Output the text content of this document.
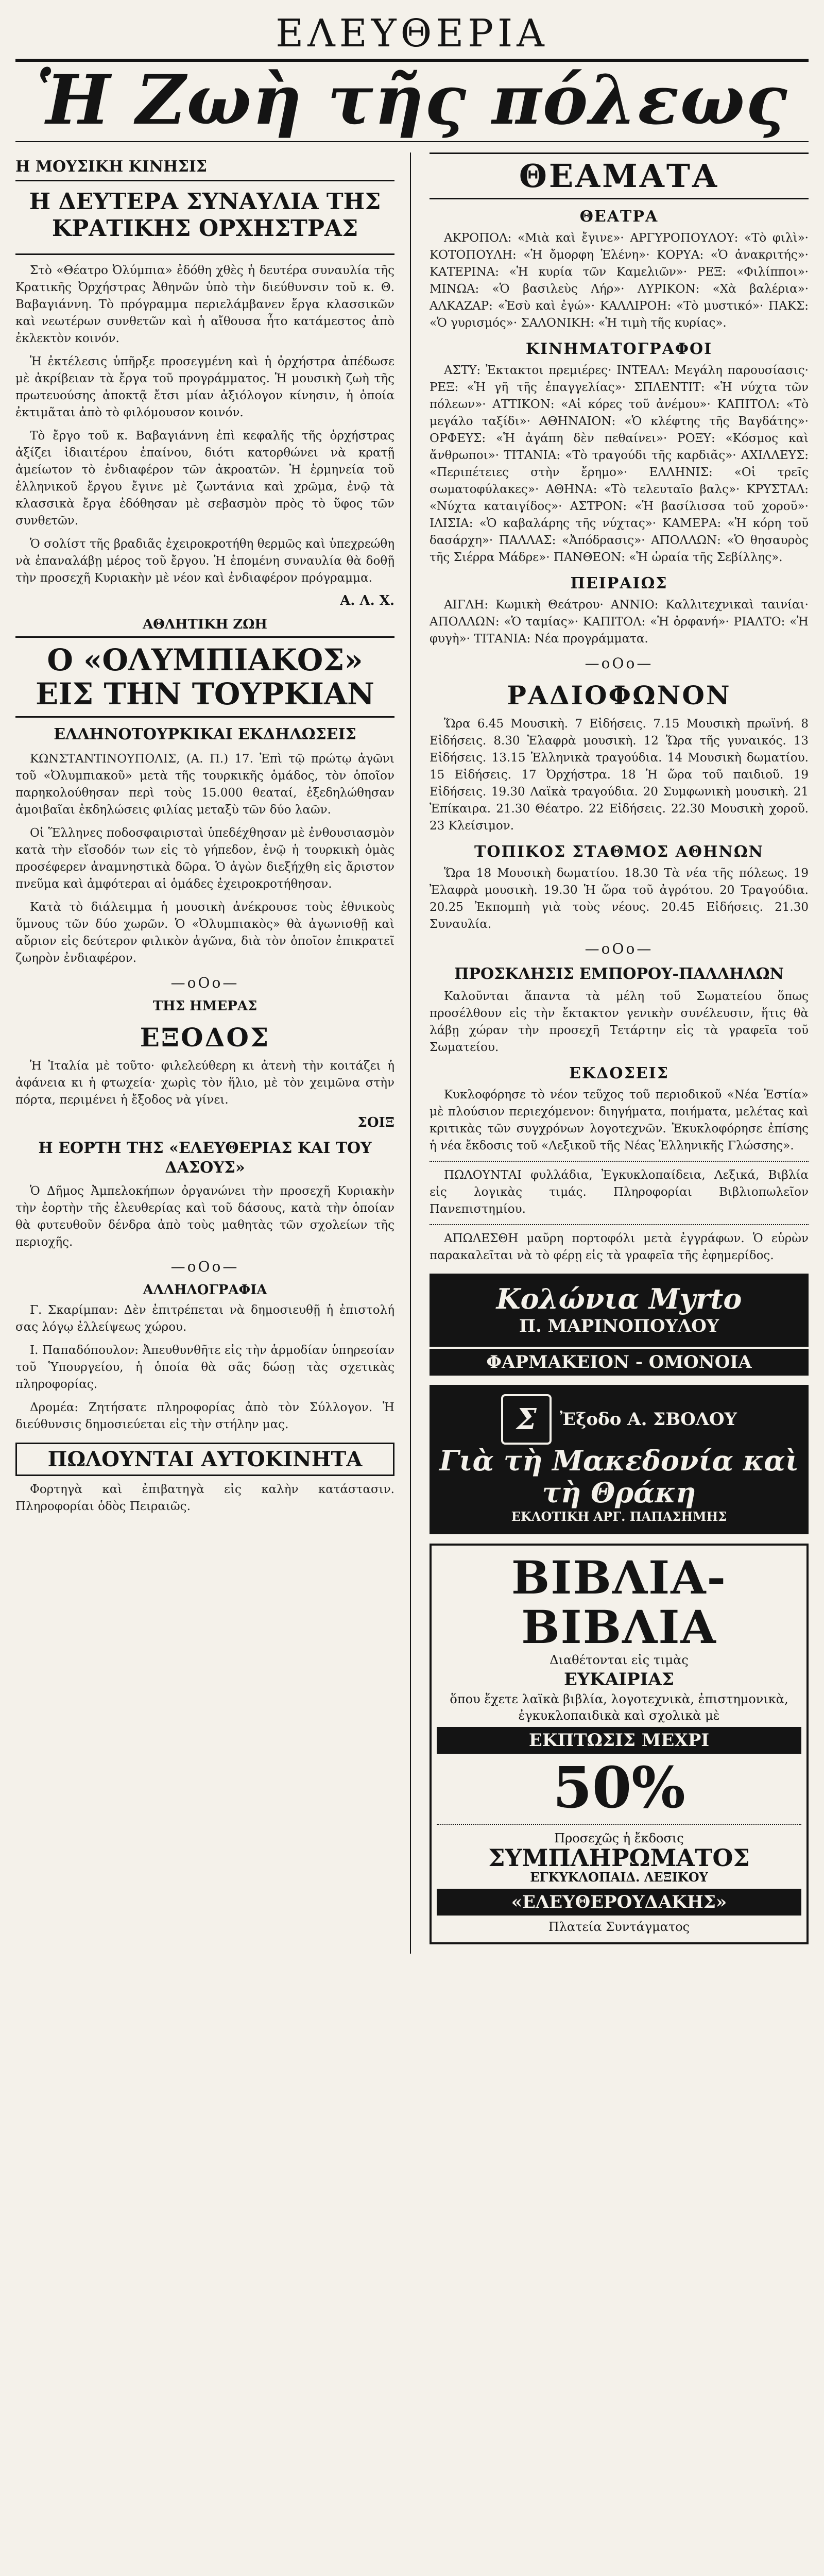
ΕΛΕΥΘΕΡΙΑ
Ἡ Ζωὴ τῆς πόλεως
Η ΜΟΥΣΙΚΗ ΚΙΝΗΣΙΣ
Η ΔΕΥΤΕΡΑ ΣΥΝΑΥΛΙΑ ΤΗΣ ΚΡΑΤΙΚΗΣ ΟΡΧΗΣΤΡΑΣ

Στὸ «Θέατρο Ὀλύμπια» ἐδόθη χθὲς ἡ δευτέρα συναυλία τῆς Κρατικῆς Ὀρχήστρας Ἀθηνῶν ὑπὸ τὴν διεύθυνσιν τοῦ κ. Θ. Βαβαγιάννη. Τὸ πρόγραμμα περιελάμβανεν ἔργα κλασσικῶν καὶ νεωτέρων συνθετῶν καὶ ἡ αἴθουσα ἦτο κατάμεστος ἀπὸ ἐκλεκτὸν κοινόν.

Ἡ ἐκτέλεσις ὑπῆρξε προσεγμένη καὶ ἡ ὀρχήστρα ἀπέδωσε μὲ ἀκρίβειαν τὰ ἔργα τοῦ προγράμματος. Ἡ μουσικὴ ζωὴ τῆς πρωτευούσης ἀποκτᾷ ἔτσι μίαν ἀξιόλογον κίνησιν, ἡ ὁποία ἐκτιμᾶται ἀπὸ τὸ φιλόμουσον κοινόν.

Τὸ ἔργο τοῦ κ. Βαβαγιάννη ἐπὶ κεφαλῆς τῆς ὀρχήστρας ἀξίζει ἰδιαιτέρου ἐπαίνου, διότι κατορθώνει νὰ κρατῇ ἀμείωτον τὸ ἐνδιαφέρον τῶν ἀκροατῶν. Ἡ ἑρμηνεία τοῦ ἑλληνικοῦ ἔργου ἔγινε μὲ ζωντάνια καὶ χρῶμα, ἐνῷ τὰ κλασσικὰ ἔργα ἐδόθησαν μὲ σεβασμὸν πρὸς τὸ ὕφος τῶν συνθετῶν.

Ὁ σολίστ τῆς βραδιᾶς ἐχειροκροτήθη θερμῶς καὶ ὑπεχρεώθη νὰ ἐπαναλάβῃ μέρος τοῦ ἔργου. Ἡ ἑπομένη συναυλία θὰ δοθῇ τὴν προσεχῆ Κυριακὴν μὲ νέον καὶ ἐνδιαφέρον πρόγραμμα.

Α. Λ. Χ.
ΑΘΛΗΤΙΚΗ ΖΩΗ
Ο «ΟΛΥΜΠΙΑΚΟΣ» ΕΙΣ ΤΗΝ ΤΟΥΡΚΙΑΝ
ΕΛΛΗΝΟΤΟΥΡΚΙΚΑΙ ΕΚΔΗΛΩΣΕΙΣ

ΚΩΝΣΤΑΝΤΙΝΟΥΠΟΛΙΣ, (Α. Π.) 17. Ἐπὶ τῷ πρώτῳ ἀγῶνι τοῦ «Ὀλυμπιακοῦ» μετὰ τῆς τουρκικῆς ὁμάδος, τὸν ὁποῖον παρηκολούθησαν περὶ τοὺς 15.000 θεαταί, ἐξεδηλώθησαν ἀμοιβαῖαι ἐκδηλώσεις φιλίας μεταξὺ τῶν δύο λαῶν.

Οἱ Ἕλληνες ποδοσφαιρισταὶ ὑπεδέχθησαν μὲ ἐνθουσιασμὸν κατὰ τὴν εἴσοδόν των εἰς τὸ γήπεδον, ἐνῷ ἡ τουρκικὴ ὁμὰς προσέφερεν ἀναμνηστικὰ δῶρα. Ὁ ἀγὼν διεξήχθη εἰς ἄριστον πνεῦμα καὶ ἀμφότεραι αἱ ὁμάδες ἐχειροκροτήθησαν.

Κατὰ τὸ διάλειμμα ἡ μουσικὴ ἀνέκρουσε τοὺς ἐθνικοὺς ὕμνους τῶν δύο χωρῶν. Ὁ «Ὀλυμπιακὸς» θὰ ἀγωνισθῇ καὶ αὔριον εἰς δεύτερον φιλικὸν ἀγῶνα, διὰ τὸν ὁποῖον ἐπικρατεῖ ζωηρὸν ἐνδιαφέρον.

—oOo—
ΤΗΣ ΗΜΕΡΑΣ
ΕΞΟΔΟΣ

Ἡ Ἰταλία μὲ τοῦτο· φιλελεύθερη κι ἀτενὴ τὴν κοιτάζει ἡ ἀφάνεια κι ἡ φτωχεία· χωρὶς τὸν ἥλιο, μὲ τὸν χειμῶνα στὴν πόρτα, περιμένει ἡ ἔξοδος νὰ γίνει.

ΣΟΙΞ
Η ΕΟΡΤΗ ΤΗΣ «ΕΛΕΥΘΕΡΙΑΣ ΚΑΙ ΤΟΥ ΔΑΣΟΥΣ»

Ὁ Δῆμος Ἀμπελοκήπων ὀργανώνει τὴν προσεχῆ Κυριακὴν τὴν ἐορτὴν τῆς ἐλευθερίας καὶ τοῦ δάσους, κατὰ τὴν ὁποίαν θὰ φυτευθοῦν δένδρα ἀπὸ τοὺς μαθητὰς τῶν σχολείων τῆς περιοχῆς.

—oOo—
ΑΛΛΗΛΟΓΡΑΦΙΑ

Γ. Σκαρίμπαν: Δὲν ἐπιτρέπεται νὰ δημοσιευθῇ ἡ ἐπιστολή σας λόγῳ ἐλλείψεως χώρου.

Ι. Παπαδόπουλον: Ἀπευθυνθῆτε εἰς τὴν ἁρμοδίαν ὑπηρεσίαν τοῦ Ὑπουργείου, ἡ ὁποία θὰ σᾶς δώσῃ τὰς σχετικὰς πληροφορίας.

Δρομέα: Ζητήσατε πληροφορίας ἀπὸ τὸν Σύλλογον. Ἡ διεύθυνσις δημοσιεύεται εἰς τὴν στήλην μας.

ΠΩΛΟΥΝΤΑΙ ΑΥΤΟΚΙΝΗΤΑ

Φορτηγὰ καὶ ἐπιβατηγὰ εἰς καλὴν κατάστασιν. Πληροφορίαι ὁδὸς Πειραιῶς.

ΘΕΑΜΑΤΑ
ΘΕΑΤΡΑ

ΑΚΡΟΠΟΛ: «Μιὰ καὶ ἔγινε»· ΑΡΓΥΡΟΠΟΥΛΟΥ: «Τὸ φιλὶ»· ΚΟΤΟΠΟΥΛΗ: «Ἡ ὄμορφη Ἑλένη»· ΚΟΡΥΑ: «Ὁ ἀνακριτής»· ΚΑΤΕΡΙΝΑ: «Ἡ κυρία τῶν Καμελιῶν»· ΡΕΞ: «Φιλίπποι»· ΜΙΝΩΑ: «Ὁ βασιλεὺς Λήρ»· ΛΥΡΙΚΟΝ: «Χὰ βαλέρια»· ΑΛΚΑΖΑΡ: «Ἐσὺ καὶ ἐγώ»· ΚΑΛΛΙΡΟΗ: «Τὸ μυστικό»· ΠΑΚΣ: «Ὁ γυρισμός»· ΣΑΛΟΝΙΚΗ: «Ἡ τιμὴ τῆς κυρίας».

ΚΙΝΗΜΑΤΟΓΡΑΦΟΙ

ΑΣΤΥ: Ἐκτακτοι πρεμιέρες· ΙΝΤΕΑΛ: Μεγάλη παρουσίασις· ΡΕΞ: «Ἡ γῆ τῆς ἐπαγγελίας»· ΣΠΛΕΝΤΙΤ: «Ἡ νύχτα τῶν πόλεων»· ΑΤΤΙΚΟΝ: «Αἱ κόρες τοῦ ἀνέμου»· ΚΑΠΙΤΟΛ: «Τὸ μεγάλο ταξίδι»· ΑΘΗΝΑΙΟΝ: «Ὁ κλέφτης τῆς Βαγδάτης»· ΟΡΦΕΥΣ: «Ἡ ἀγάπη δὲν πεθαίνει»· ΡΟΞΥ: «Κόσμος καὶ ἄνθρωποι»· ΤΙΤΑΝΙΑ: «Τὸ τραγούδι τῆς καρδιᾶς»· ΑΧΙΛΛΕΥΣ: «Περιπέτειες στὴν ἔρημο»· ΕΛΛΗΝΙΣ: «Οἱ τρεῖς σωματοφύλακες»· ΑΘΗΝΑ: «Τὸ τελευταῖο βαλς»· ΚΡΥΣΤΑΛ: «Νύχτα καταιγίδος»· ΑΣΤΡΟΝ: «Ἡ βασίλισσα τοῦ χοροῦ»· ΙΛΙΣΙΑ: «Ὁ καβαλάρης τῆς νύχτας»· ΚΑΜΕΡΑ: «Ἡ κόρη τοῦ δασάρχη»· ΠΑΛΛΑΣ: «Ἀπόδρασις»· ΑΠΟΛΛΩΝ: «Ὁ θησαυρὸς τῆς Σιέρρα Μάδρε»· ΠΑΝΘΕΟΝ: «Ἡ ὡραία τῆς Σεβίλλης».

ΠΕΙΡΑΙΩΣ

ΑΙΓΛΗ: Κωμικὴ Θεάτρου· ΑΝΝΙΟ: Καλλιτεχνικαὶ ταινίαι· ΑΠΟΛΛΩΝ: «Ὁ ταμίας»· ΚΑΠΙΤΟΛ: «Ἡ ὀρφανή»· ΡΙΑΛΤΟ: «Ἡ φυγὴ»· ΤΙΤΑΝΙΑ: Νέα προγράμματα.

—oOo—
ΡΑΔΙΟΦΩΝΟΝ

Ὥρα 6.45 Μουσικὴ. 7 Εἰδήσεις. 7.15 Μουσικὴ πρωϊνή. 8 Εἰδήσεις. 8.30 Ἐλαφρὰ μουσικὴ. 12 Ὥρα τῆς γυναικός. 13 Εἰδήσεις. 13.15 Ἑλληνικὰ τραγούδια. 14 Μουσικὴ δωματίου. 15 Εἰδήσεις. 17 Ὀρχήστρα. 18 Ἡ ὥρα τοῦ παιδιοῦ. 19 Εἰδήσεις. 19.30 Λαϊκὰ τραγούδια. 20 Συμφωνικὴ μουσικὴ. 21 Ἐπίκαιρα. 21.30 Θέατρο. 22 Εἰδήσεις. 22.30 Μουσικὴ χοροῦ. 23 Κλείσιμον.

ΤΟΠΙΚΟΣ ΣΤΑΘΜΟΣ ΑΘΗΝΩΝ

Ὥρα 18 Μουσικὴ δωματίου. 18.30 Τὰ νέα τῆς πόλεως. 19 Ἐλαφρὰ μουσικὴ. 19.30 Ἡ ὥρα τοῦ ἀγρότου. 20 Τραγούδια. 20.25 Ἐκπομπὴ γιὰ τοὺς νέους. 20.45 Εἰδήσεις. 21.30 Συναυλία.

—oOo—
ΠΡΟΣΚΛΗΣΙΣ ΕΜΠΟΡΟΥ-ΠΑΛΛΗΛΩΝ

Καλοῦνται ἅπαντα τὰ μέλη τοῦ Σωματείου ὅπως προσέλθουν εἰς τὴν ἔκτακτον γενικὴν συνέλευσιν, ἥτις θὰ λάβῃ χώραν τὴν προσεχῆ Τετάρτην εἰς τὰ γραφεῖα τοῦ Σωματείου.

ΕΚΔΟΣΕΙΣ

Κυκλοφόρησε τὸ νέον τεῦχος τοῦ περιοδικοῦ «Νέα Ἑστία» μὲ πλούσιον περιεχόμενον: διηγήματα, ποιήματα, μελέτας καὶ κριτικὰς τῶν συγχρόνων λογοτεχνῶν. Ἐκυκλοφόρησε ἐπίσης ἡ νέα ἔκδοσις τοῦ «Λεξικοῦ τῆς Νέας Ἑλληνικῆς Γλώσσης».

ΠΩΛΟΥΝΤΑΙ φυλλάδια, Ἐγκυκλοπαίδεια, Λεξικά, Βιβλία εἰς λογικὰς τιμάς. Πληροφορίαι Βιβλιοπωλεῖον Πανεπιστημίου.

ΑΠΩΛΕΣΘΗ μαῦρη πορτοφόλι μετὰ ἐγγράφων. Ὁ εὑρὼν παρακαλεῖται νὰ τὸ φέρῃ εἰς τὰ γραφεῖα τῆς ἐφημερίδος.

Κολώνια Myrto
Π. ΜΑΡΙΝΟΠΟΥΛΟΥ
ΦΑΡΜΑΚΕΙΟΝ - ΟΜΟΝΟΙΑ
Σ	Ἐξοδο Α. ΣΒΟΛΟΥ
Γιὰ τὴ Μακεδονία καὶ τὴ Θράκη
ΕΚΛΟΤΙΚΗ ΑΡΓ. ΠΑΠΑΣΗΜΗΣ
ΒΙΒΛΙΑ-ΒΙΒΛΙΑ
Διαθέτονται εἰς τιμὰς
ΕΥΚΑΙΡΙΑΣ
ὅπου ἔχετε λαϊκὰ βιβλία, λογοτεχνικὰ, ἐπιστημονικὰ, ἐγκυκλοπαιδικὰ καὶ σχολικὰ μὲ
ΕΚΠΤΩΣΙΣ ΜΕΧΡΙ
50%
Προσεχῶς ἡ ἔκδοσις
ΣΥΜΠΛΗΡΩΜΑΤΟΣ
ΕΓΚΥΚΛΟΠΑΙΔ. ΛΕΞΙΚΟΥ
«ΕΛΕΥΘΕΡΟΥΔΑΚΗΣ»
Πλατεία Συντάγματος
